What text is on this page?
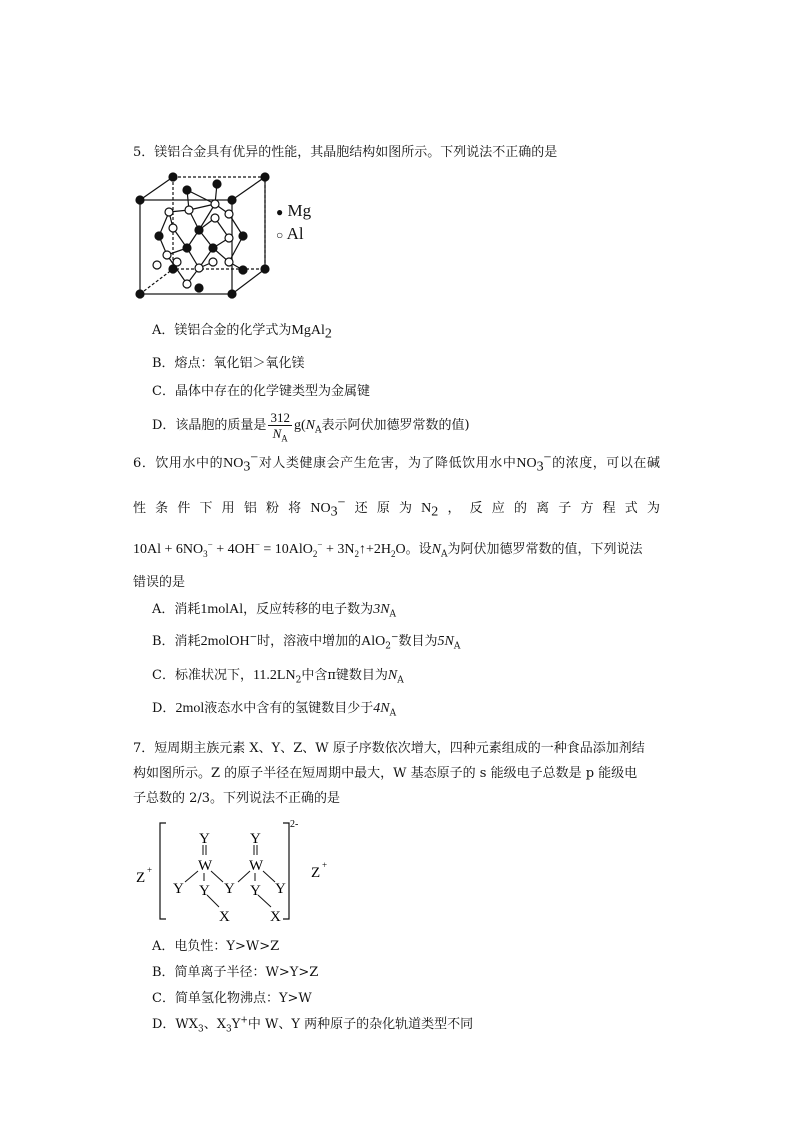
5．镁铝合金具有优异的性能，其晶胞结构如图所示。下列说法不正确的是
● Mg
○ Al
A．镁铝合金的化学式为MgAl$_2$
B．熔点：氧化铝＞氧化镁
C．晶体中存在的化学键类型为金属键
D．该晶胞的质量是 $\frac{312}{N_A} g(N_A$表示阿伏加德罗常数的值)
6．饮用水中的$NO_3^-$对人类健康会产生危害，为了降低饮用水中$NO_3^-$的浓度，可以在碱
性条件下用铝粉将$NO_3^-$还原为$N_2$，反应的离子方程式为
$10Al + 6NO_3^- + 4OH^- = 10AlO_2^-$ + $3N_2↑+2H_2O$。设$N_A$为阿伏加德罗常数的值，下列说法
错误的是
A．消耗1molAl，反应转移的电子数为$3N_A$
B．消耗2molOH−时，溶液中增加的AlO$_2$−数目为$5N_A$
C．标准状况下，$11.2LN_2$中含π键数目为$N_A$
D．2mol液态水中含有的氢键数目少于$4N_A$
7．短周期主族元素 X、Y、Z、W 原子序数依次增大，四种元素组成的一种食品添加剂结
构如图所示。Z 的原子半径在短周期中最大，W 基态原子的 s 能级电子总数是 p 能级电
子总数的 2/3。下列说法不正确的是
Z +
2-
Z +
Y	Y
W W
Y Y Y Y Y
X	X
A．电负性：Y>W>Z
B．简单离子半径：W>Y>Z
C．简单氢化物沸点：Y>W
D．$WX_3$、$X_3Y^+$中 W、Y 两种原子的杂化轨道类型不同
